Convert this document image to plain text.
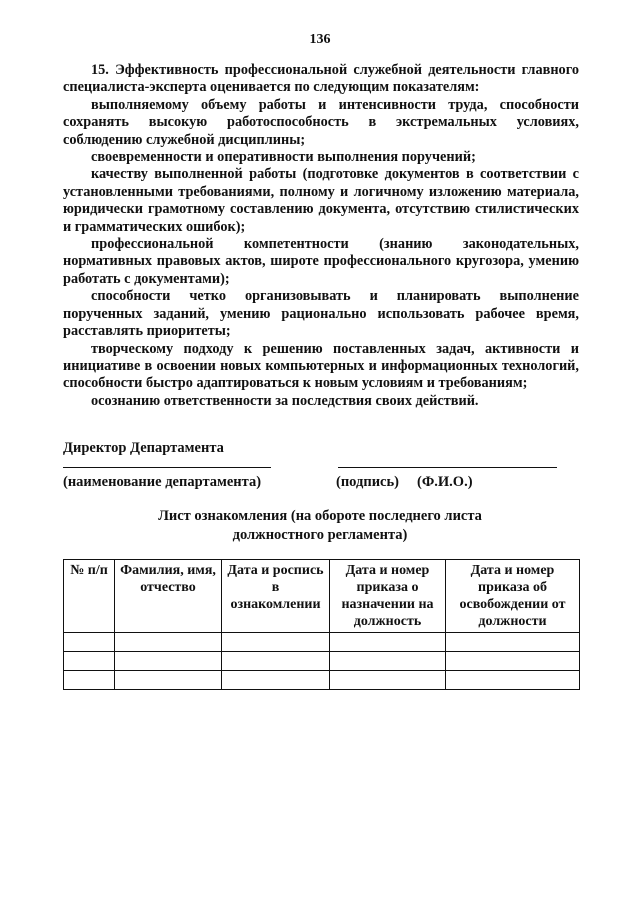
136

15. Эффективность профессиональной служебной деятельности главного специалиста-эксперта оценивается по следующим показателям:

выполняемому объему работы и интенсивности труда, способности сохранять высокую работоспособность в экстремальных условиях, соблюдению служебной дисциплины;

своевременности и оперативности выполнения поручений;

качеству выполненной работы (подготовке документов в соответствии с установленными требованиями, полному и логичному изложению материала, юридически грамотному составлению документа, отсутствию стилистических и грамматических ошибок);

профессиональной компетентности (знанию законодательных, нормативных правовых актов, широте профессионального кругозора, умению работать с документами);

способности четко организовывать и планировать выполнение порученных заданий, умению рационально использовать рабочее время, расставлять приоритеты;

творческому подходу к решению поставленных задач, активности и инициативе в освоении новых компьютерных и информационных технологий, способности быстро адаптироваться к новым условиям и требованиям;

осознанию ответственности за последствия своих действий.

Директор Департамента
(наименование департамента)	(подпись) (Ф.И.О.)
Лист ознакомления (на обороте последнего листа
должностного регламента)
№ п/п	Фамилия, имя, отчество	Дата и роспись в ознакомлении	Дата и номер приказа о назначении на должность	Дата и номер приказа об освобождении от должности
